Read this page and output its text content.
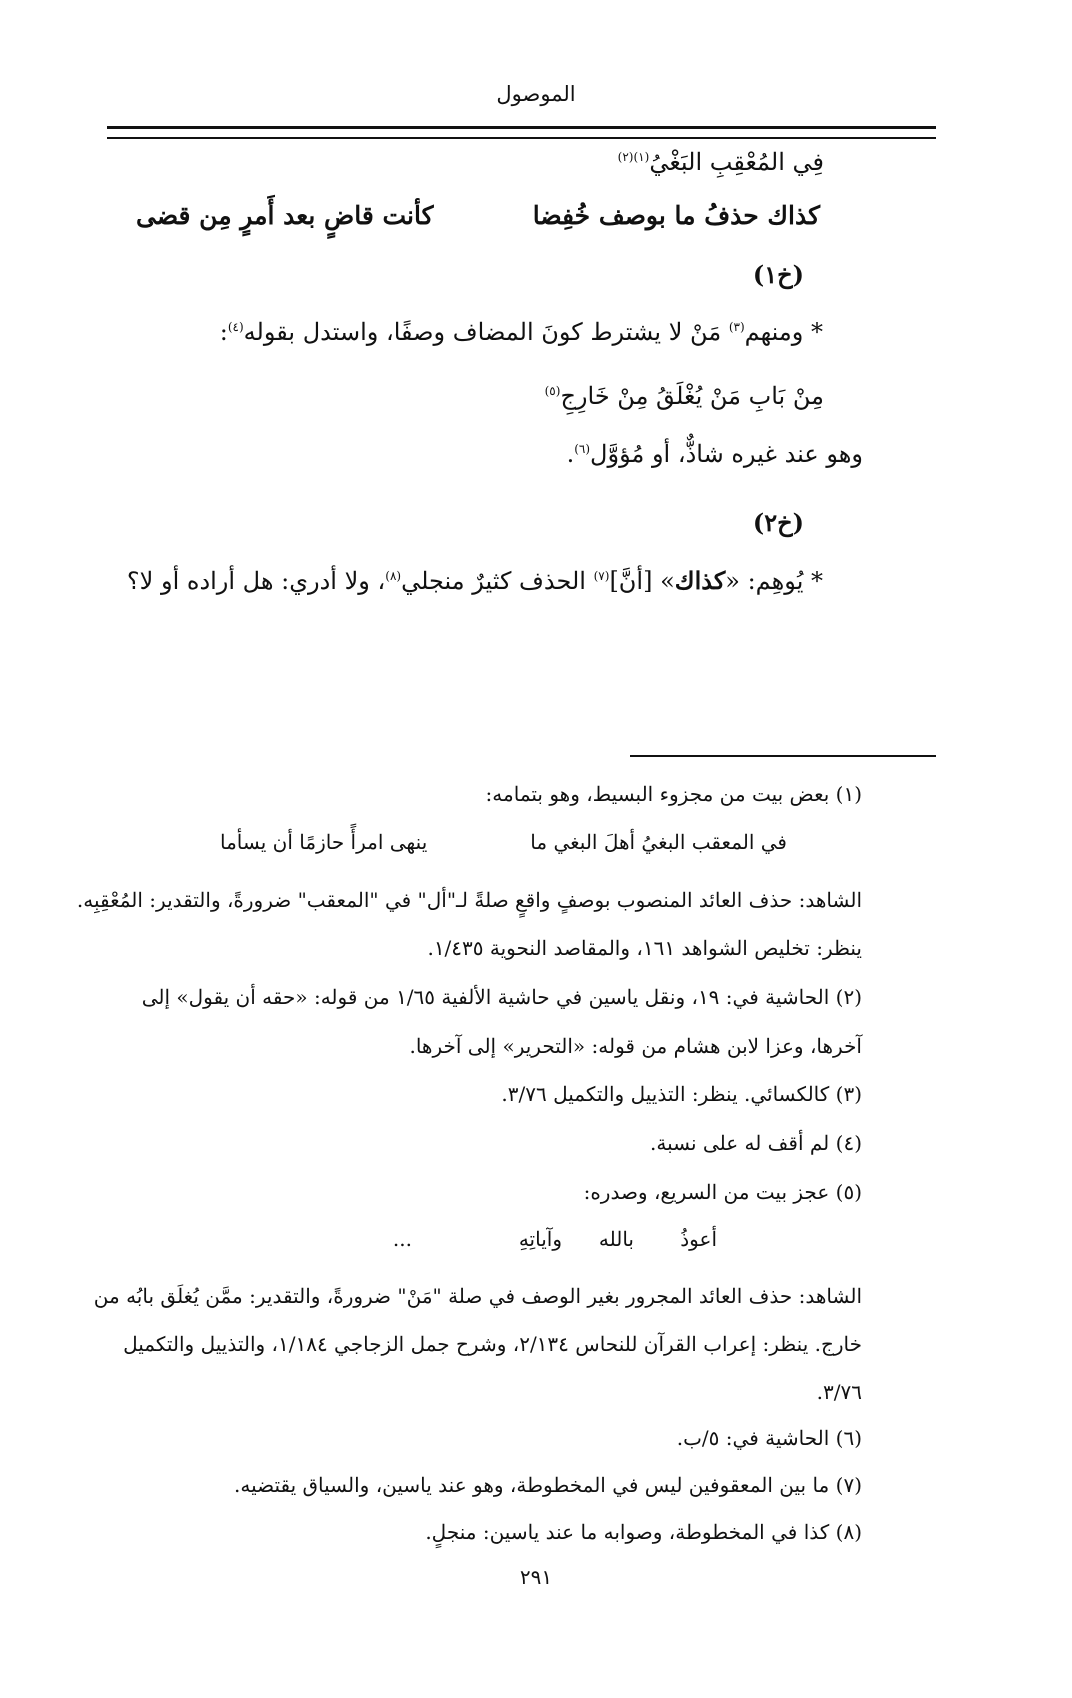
الموصول
فِي المُعْقِبِ البَغْيُ$^{(١)(٢)}$
كذاك حذفُ ما بوصف خُفِضا
كأنت قاضٍ بعد أَمرٍ مِن قضى
(خ١)
* ومنهم$^{(٣)}$ مَنْ لا يشترط كونَ المضاف وصفًا، واستدل بقوله$^{(٤)}$:
مِنْ بَابِ مَنْ يُغْلَقُ مِنْ خَارِجِ$^{(٥)}$
وهو عند غيره شاذٌّ، أو مُؤوَّل$^{(٦)}$.
(خ٢)
* يُوهِم: «كذاك» [أنَّ]$^{(٧)}$ الحذف كثيرٌ منجلي$^{(٨)}$، ولا أدري: هل أراده أو لا؟
(١) بعض بيت من مجزوء البسيط، وهو بتمامه:
في المعقب البغيُ أهلَ البغي ما
ينهى امرأً حازمًا أن يسأما
الشاهد: حذف العائد المنصوب بوصفٍ واقعٍ صلةً لـ"أل" في "المعقب" ضرورةً، والتقدير: المُعْقِبِه.
ينظر: تخليص الشواهد ١٦١، والمقاصد النحوية ١/٤٣٥.
(٢) الحاشية في: ١٩، ونقل ياسين في حاشية الألفية ١/٦٥ من قوله: «حقه أن يقول» إلى
آخرها، وعزا لابن هشام من قوله: «التحرير» إلى آخرها.
(٣) كالكسائي. ينظر: التذييل والتكميل ٣/٧٦.
(٤) لم أقف له على نسبة.
(٥) عجز بيت من السريع، وصدره:
أعوذُ
بالله
وآياتِهِ
...
الشاهد: حذف العائد المجرور بغير الوصف في صلة "مَنْ" ضرورةً، والتقدير: ممَّن يُغلَق بابُه من
خارج. ينظر: إعراب القرآن للنحاس ٢/١٣٤، وشرح جمل الزجاجي ١/١٨٤، والتذييل والتكميل
٣/٧٦.
(٦) الحاشية في: ٥/ب.
(٧) ما بين المعقوفين ليس في المخطوطة، وهو عند ياسين، والسياق يقتضيه.
(٨) كذا في المخطوطة، وصوابه ما عند ياسين: منجلٍ.
٢٩١
